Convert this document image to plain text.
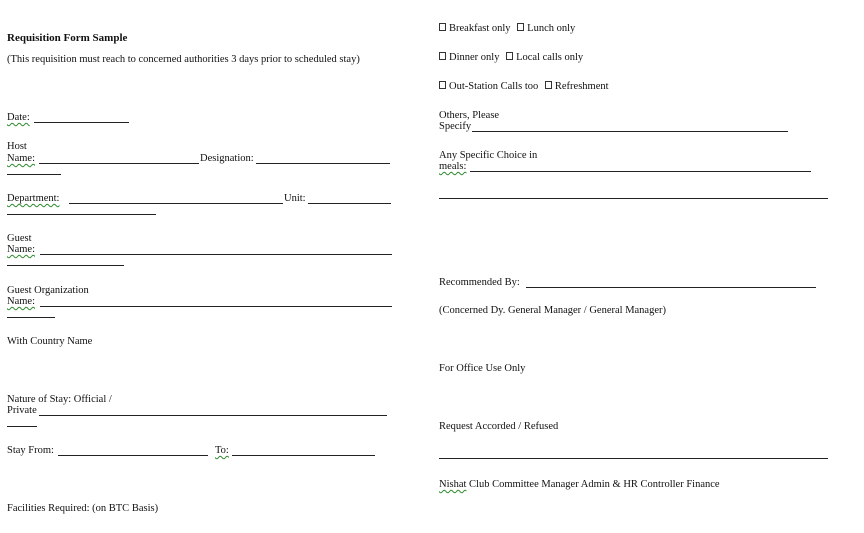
Requisition Form Sample
(This requisition must reach to concerned authorities 3 days prior to scheduled stay)
Date:
Host
Name:	Designation:
Department:	Unit:
Guest
Name:
Guest Organization
Name:
With Country Name
Nature of Stay: Official /
Private
Stay From:	To:
Facilities Required: (on BTC Basis)
Breakfast only Lunch only
Dinner only Local calls only
Out-Station Calls too Refreshment
Others, Please
Specify
Any Specific Choice in
meals:
Recommended By:
(Concerned Dy. General Manager / General Manager)
For Office Use Only
Request Accorded / Refused
Nishat Club Committee Manager Admin & HR Controller Finance
